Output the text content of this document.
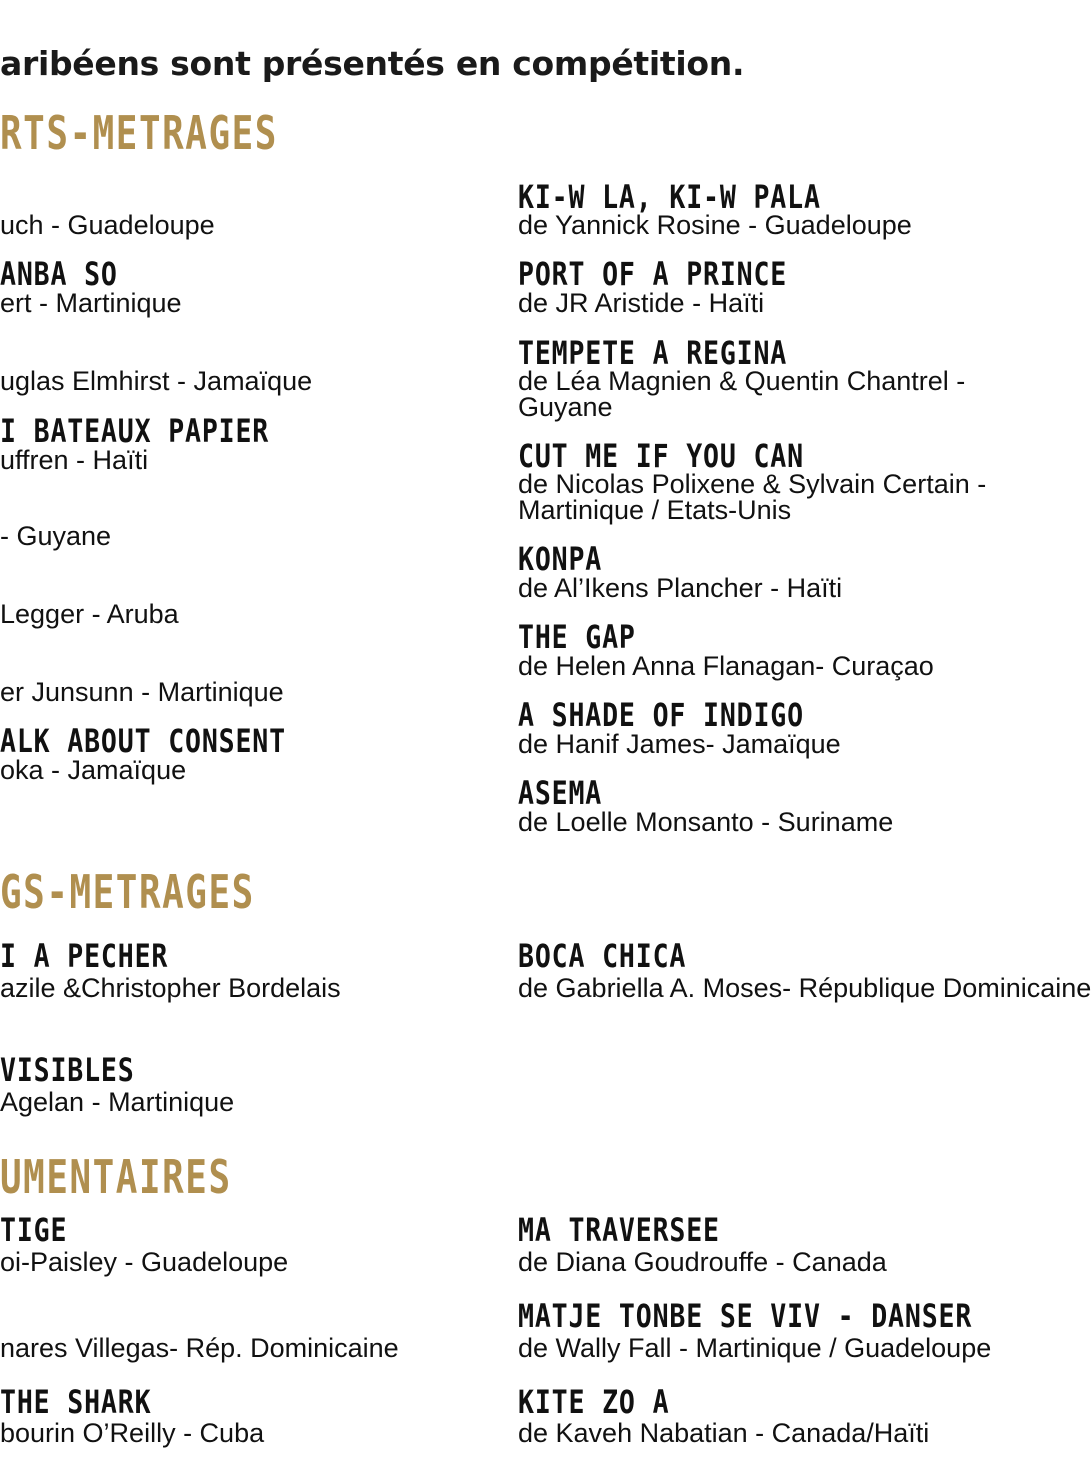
aribéens sont présentés en compétition.
RTS-METRAGES
uch - Guadeloupe
ANBA SO
ert - Martinique
uglas Elmhirst - Jamaïque
I BATEAUX PAPIER
uffren - Haïti
- Guyane
Legger - Aruba
er Junsunn - Martinique
ALK ABOUT CONSENT
oka - Jamaïque
KI-W LA, KI-W PALA
de Yannick Rosine - Guadeloupe
PORT OF A PRINCE
de JR Aristide - Haïti
TEMPETE A REGINA
de Léa Magnien & Quentin Chantrel -
Guyane
CUT ME IF YOU CAN
de Nicolas Polixene & Sylvain Certain -
Martinique / Etats-Unis
KONPA
de Al’Ikens Plancher - Haïti
THE GAP
de Helen Anna Flanagan- Curaçao
A SHADE OF INDIGO
de Hanif James- Jamaïque
ASEMA
de Loelle Monsanto - Suriname
GS-METRAGES
I A PECHER
azile &Christopher Bordelais
VISIBLES
Agelan - Martinique
BOCA CHICA
de Gabriella A. Moses- République Dominicaine
UMENTAIRES
TIGE
oi-Paisley - Guadeloupe
nares Villegas- Rép. Dominicaine
THE SHARK
bourin O’Reilly - Cuba
MA TRAVERSEE
de Diana Goudrouffe - Canada
MATJE TONBE SE VIV - DANSER
de Wally Fall - Martinique / Guadeloupe
KITE ZO A
de Kaveh Nabatian - Canada/Haïti
